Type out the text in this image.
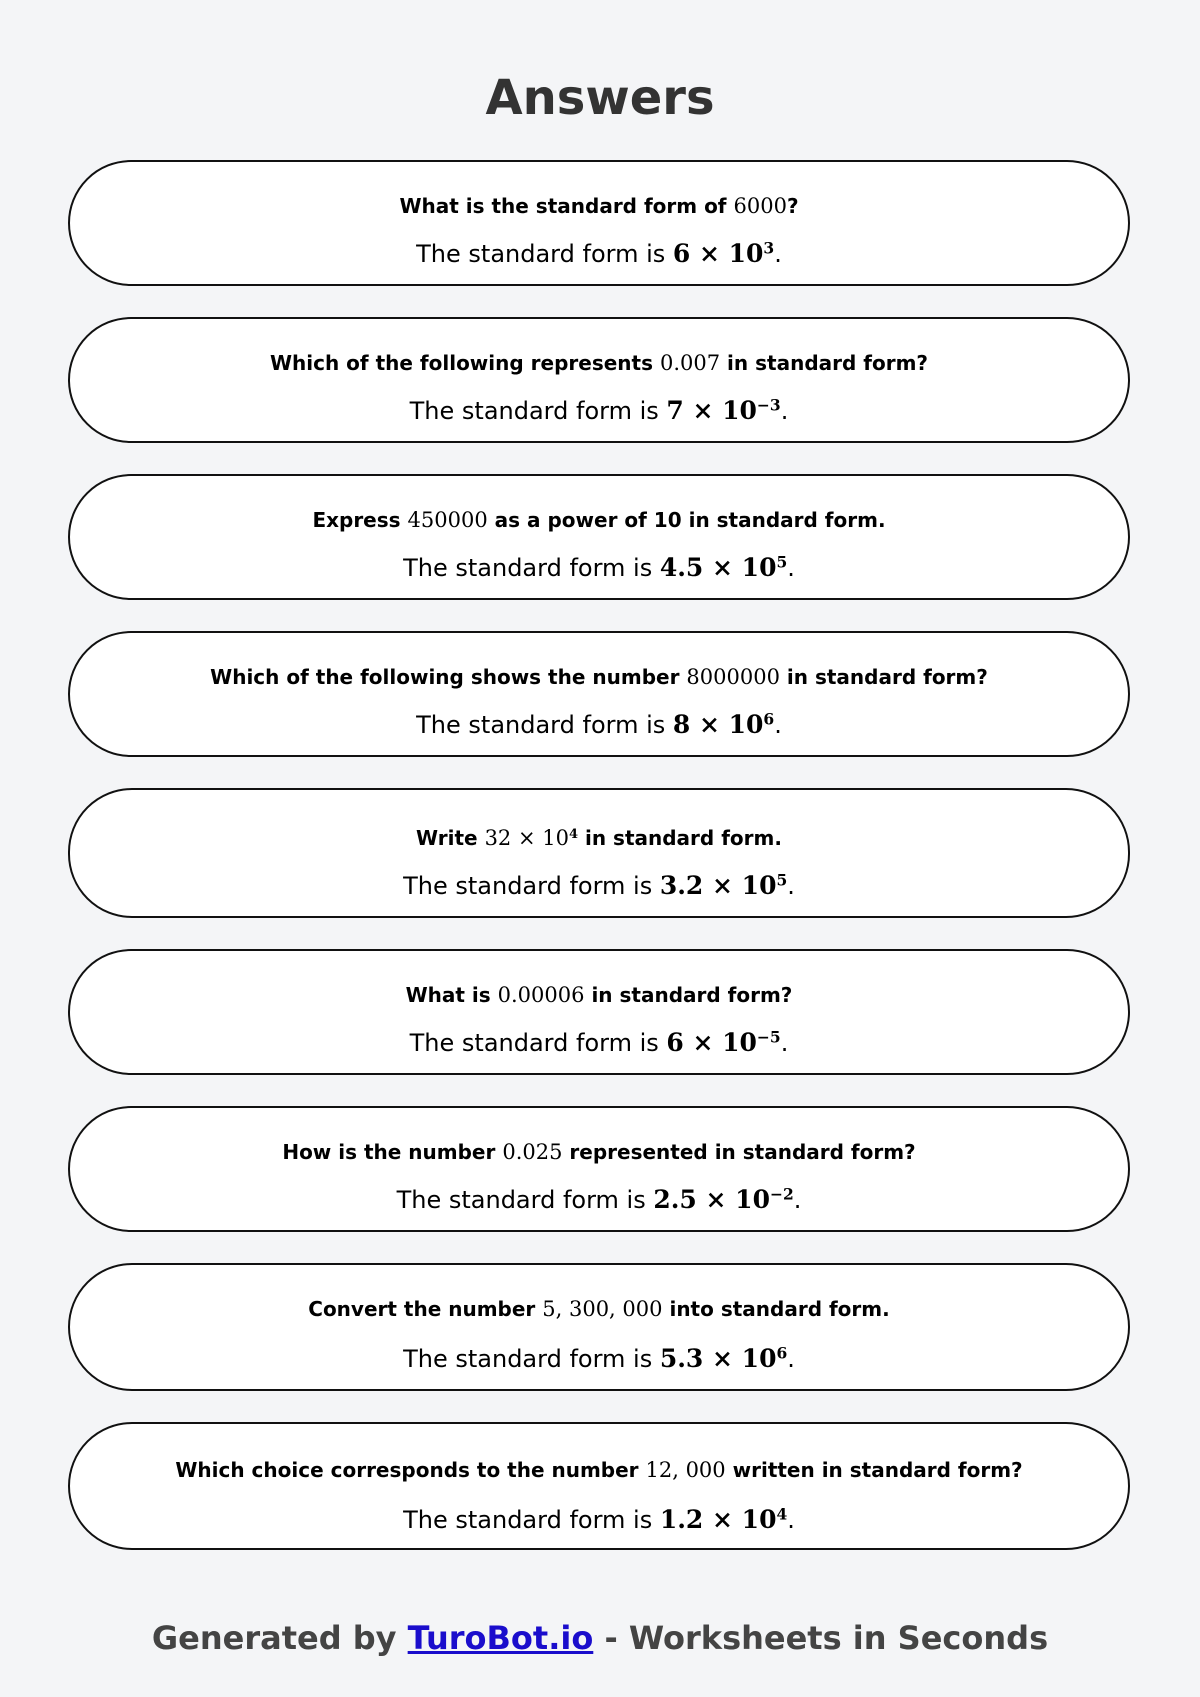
Answers
What is the standard form of 6000?
The standard form is $6 \times 10^3$.
Which of the following represents 0.007 in standard form?
The standard form is $7 \times 10^{-3}$.
Express 450000 as a power of 10 in standard form.
The standard form is $4.5 \times 10^5$.
Which of the following shows the number 8000000 in standard form?
The standard form is $8 \times 10^6$.
Write $32 \times 10^4$ in standard form.
The standard form is $3.2 \times 10^5$.
What is 0.00006 in standard form?
The standard form is $6 \times 10^{-5}$.
How is the number 0.025 represented in standard form?
The standard form is $2.5 \times 10^{-2}$.
Convert the number 5, 300, 000 into standard form.
The standard form is $5.3 \times 10^6$.
Which choice corresponds to the number 12, 000 written in standard form?
The standard form is $1.2 \times 10^4$.
Generated by TuroBot.io - Worksheets in Seconds
